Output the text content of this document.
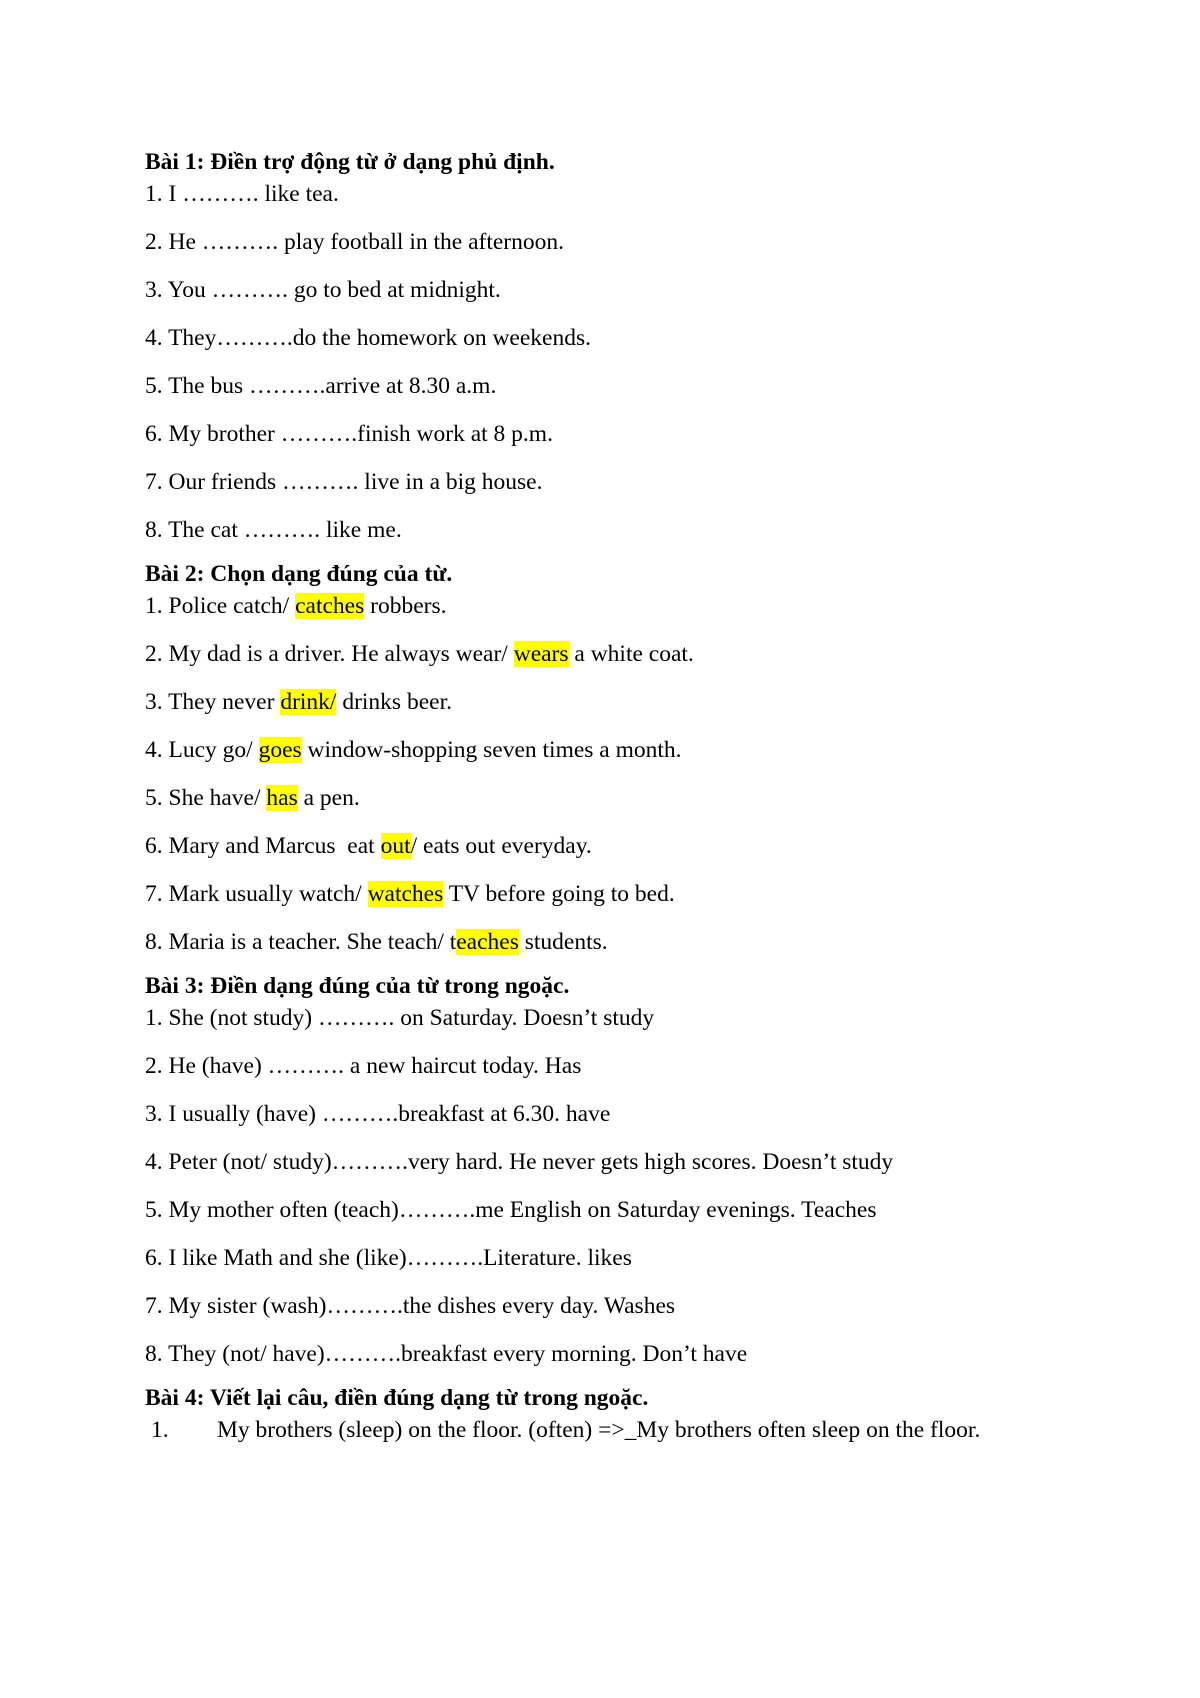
Bài 1: Điền trợ động từ ở dạng phủ định.
1. I ………. like tea.
2. He ………. play football in the afternoon.
3. You ………. go to bed at midnight.
4. They……….do the homework on weekends.
5. The bus ……….arrive at 8.30 a.m.
6. My brother ……….finish work at 8 p.m.
7. Our friends ………. live in a big house.
8. The cat ………. like me.
Bài 2: Chọn dạng đúng của từ.
1. Police catch/ catches robbers.
2. My dad is a driver. He always wear/ wears a white coat.
3. They never drink/ drinks beer.
4. Lucy go/ goes window-shopping seven times a month.
5. She have/ has a pen.
6. Mary and Marcus  eat out/ eats out everyday.
7. Mark usually watch/ watches TV before going to bed.
8. Maria is a teacher. She teach/ teaches students.
Bài 3: Điền dạng đúng của từ trong ngoặc.
1. She (not study) ………. on Saturday. Doesn’t study
2. He (have) ………. a new haircut today. Has
3. I usually (have) ……….breakfast at 6.30. have
4. Peter (not/ study)……….very hard. He never gets high scores. Doesn’t study
5. My mother often (teach)……….me English on Saturday evenings. Teaches
6. I like Math and she (like)……….Literature. likes
7. My sister (wash)……….the dishes every day. Washes
8. They (not/ have)……….breakfast every morning. Don’t have
Bài 4: Viết lại câu, điền đúng dạng từ trong ngoặc.
1.	My brothers (sleep) on the floor. (often) =>_My brothers often sleep on the floor.
